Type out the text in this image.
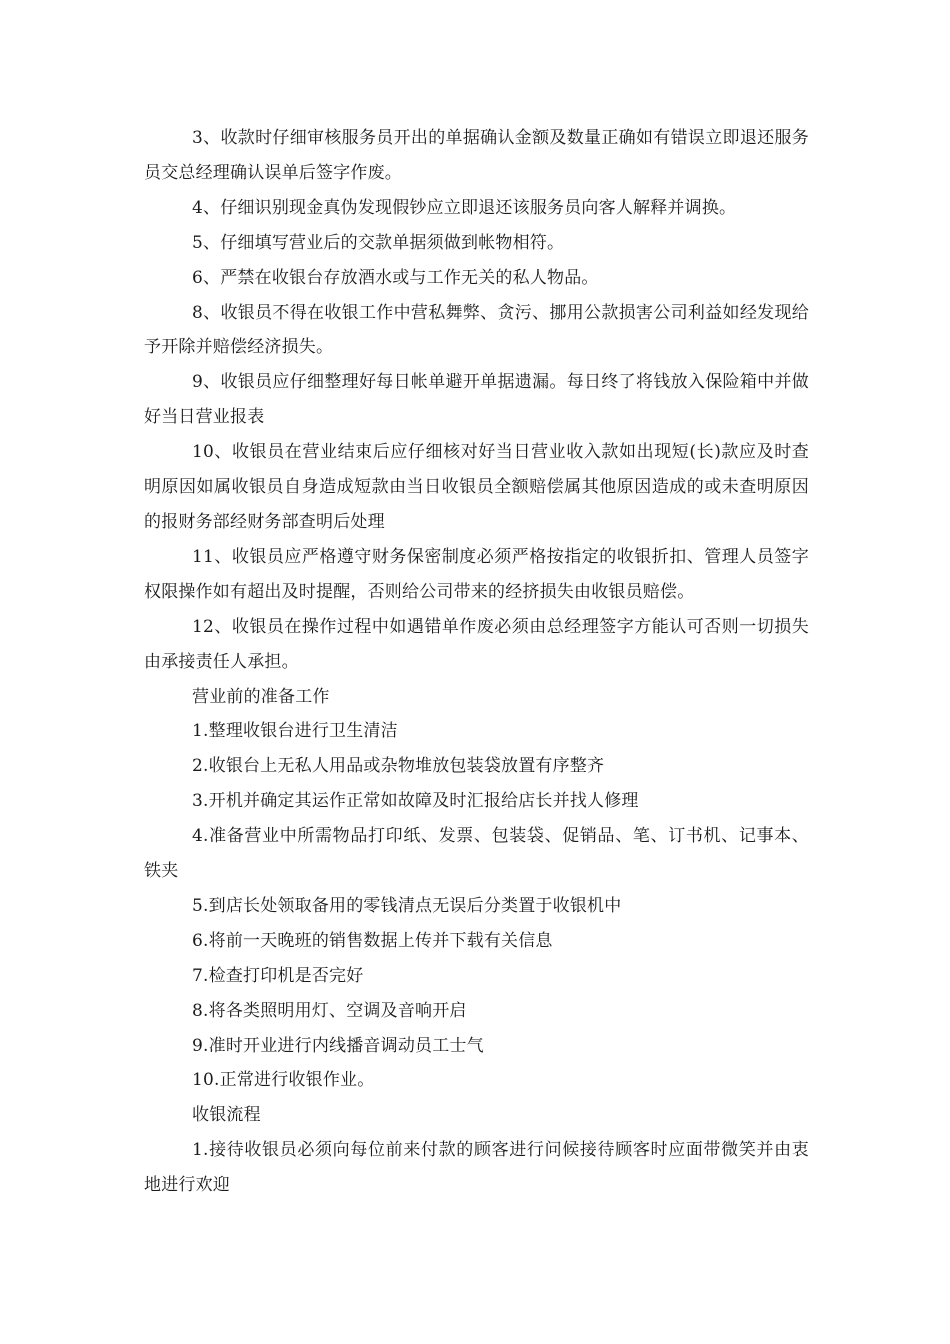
3、收款时仔细审核服务员开出的单据确认金额及数量正确如有错误立即退还服务员交总经理确认误单后签字作废。

4、仔细识别现金真伪发现假钞应立即退还该服务员向客人解释并调换。

5、仔细填写营业后的交款单据须做到帐物相符。

6、严禁在收银台存放酒水或与工作无关的私人物品。

8、收银员不得在收银工作中营私舞弊、贪污、挪用公款损害公司利益如经发现给予开除并赔偿经济损失。

9、收银员应仔细整理好每日帐单避开单据遗漏。每日终了将钱放入保险箱中并做好当日营业报表

10、收银员在营业结束后应仔细核对好当日营业收入款如出现短(长)款应及时查明原因如属收银员自身造成短款由当日收银员全额赔偿属其他原因造成的或未查明原因的报财务部经财务部查明后处理

11、收银员应严格遵守财务保密制度必须严格按指定的收银折扣、管理人员签字权限操作如有超出及时提醒，否则给公司带来的经挤损失由收银员赔偿。

12、收银员在操作过程中如遇错单作废必须由总经理签字方能认可否则一切损失由承接责任人承担。

营业前的准备工作

1.整理收银台进行卫生清洁

2.收银台上无私人用品或杂物堆放包装袋放置有序整齐

3.开机并确定其运作正常如故障及时汇报给店长并找人修理

4.准备营业中所需物品打印纸、发票、包装袋、促销品、笔、订书机、记事本、铁夹

5.到店长处领取备用的零钱清点无误后分类置于收银机中

6.将前一天晚班的销售数据上传并下载有关信息

7.检查打印机是否完好

8.将各类照明用灯、空调及音响开启

9.准时开业进行内线播音调动员工士气

10.正常进行收银作业。

收银流程

1.接待收银员必须向每位前来付款的顾客进行问候接待顾客时应面带微笑并由衷地进行欢迎
